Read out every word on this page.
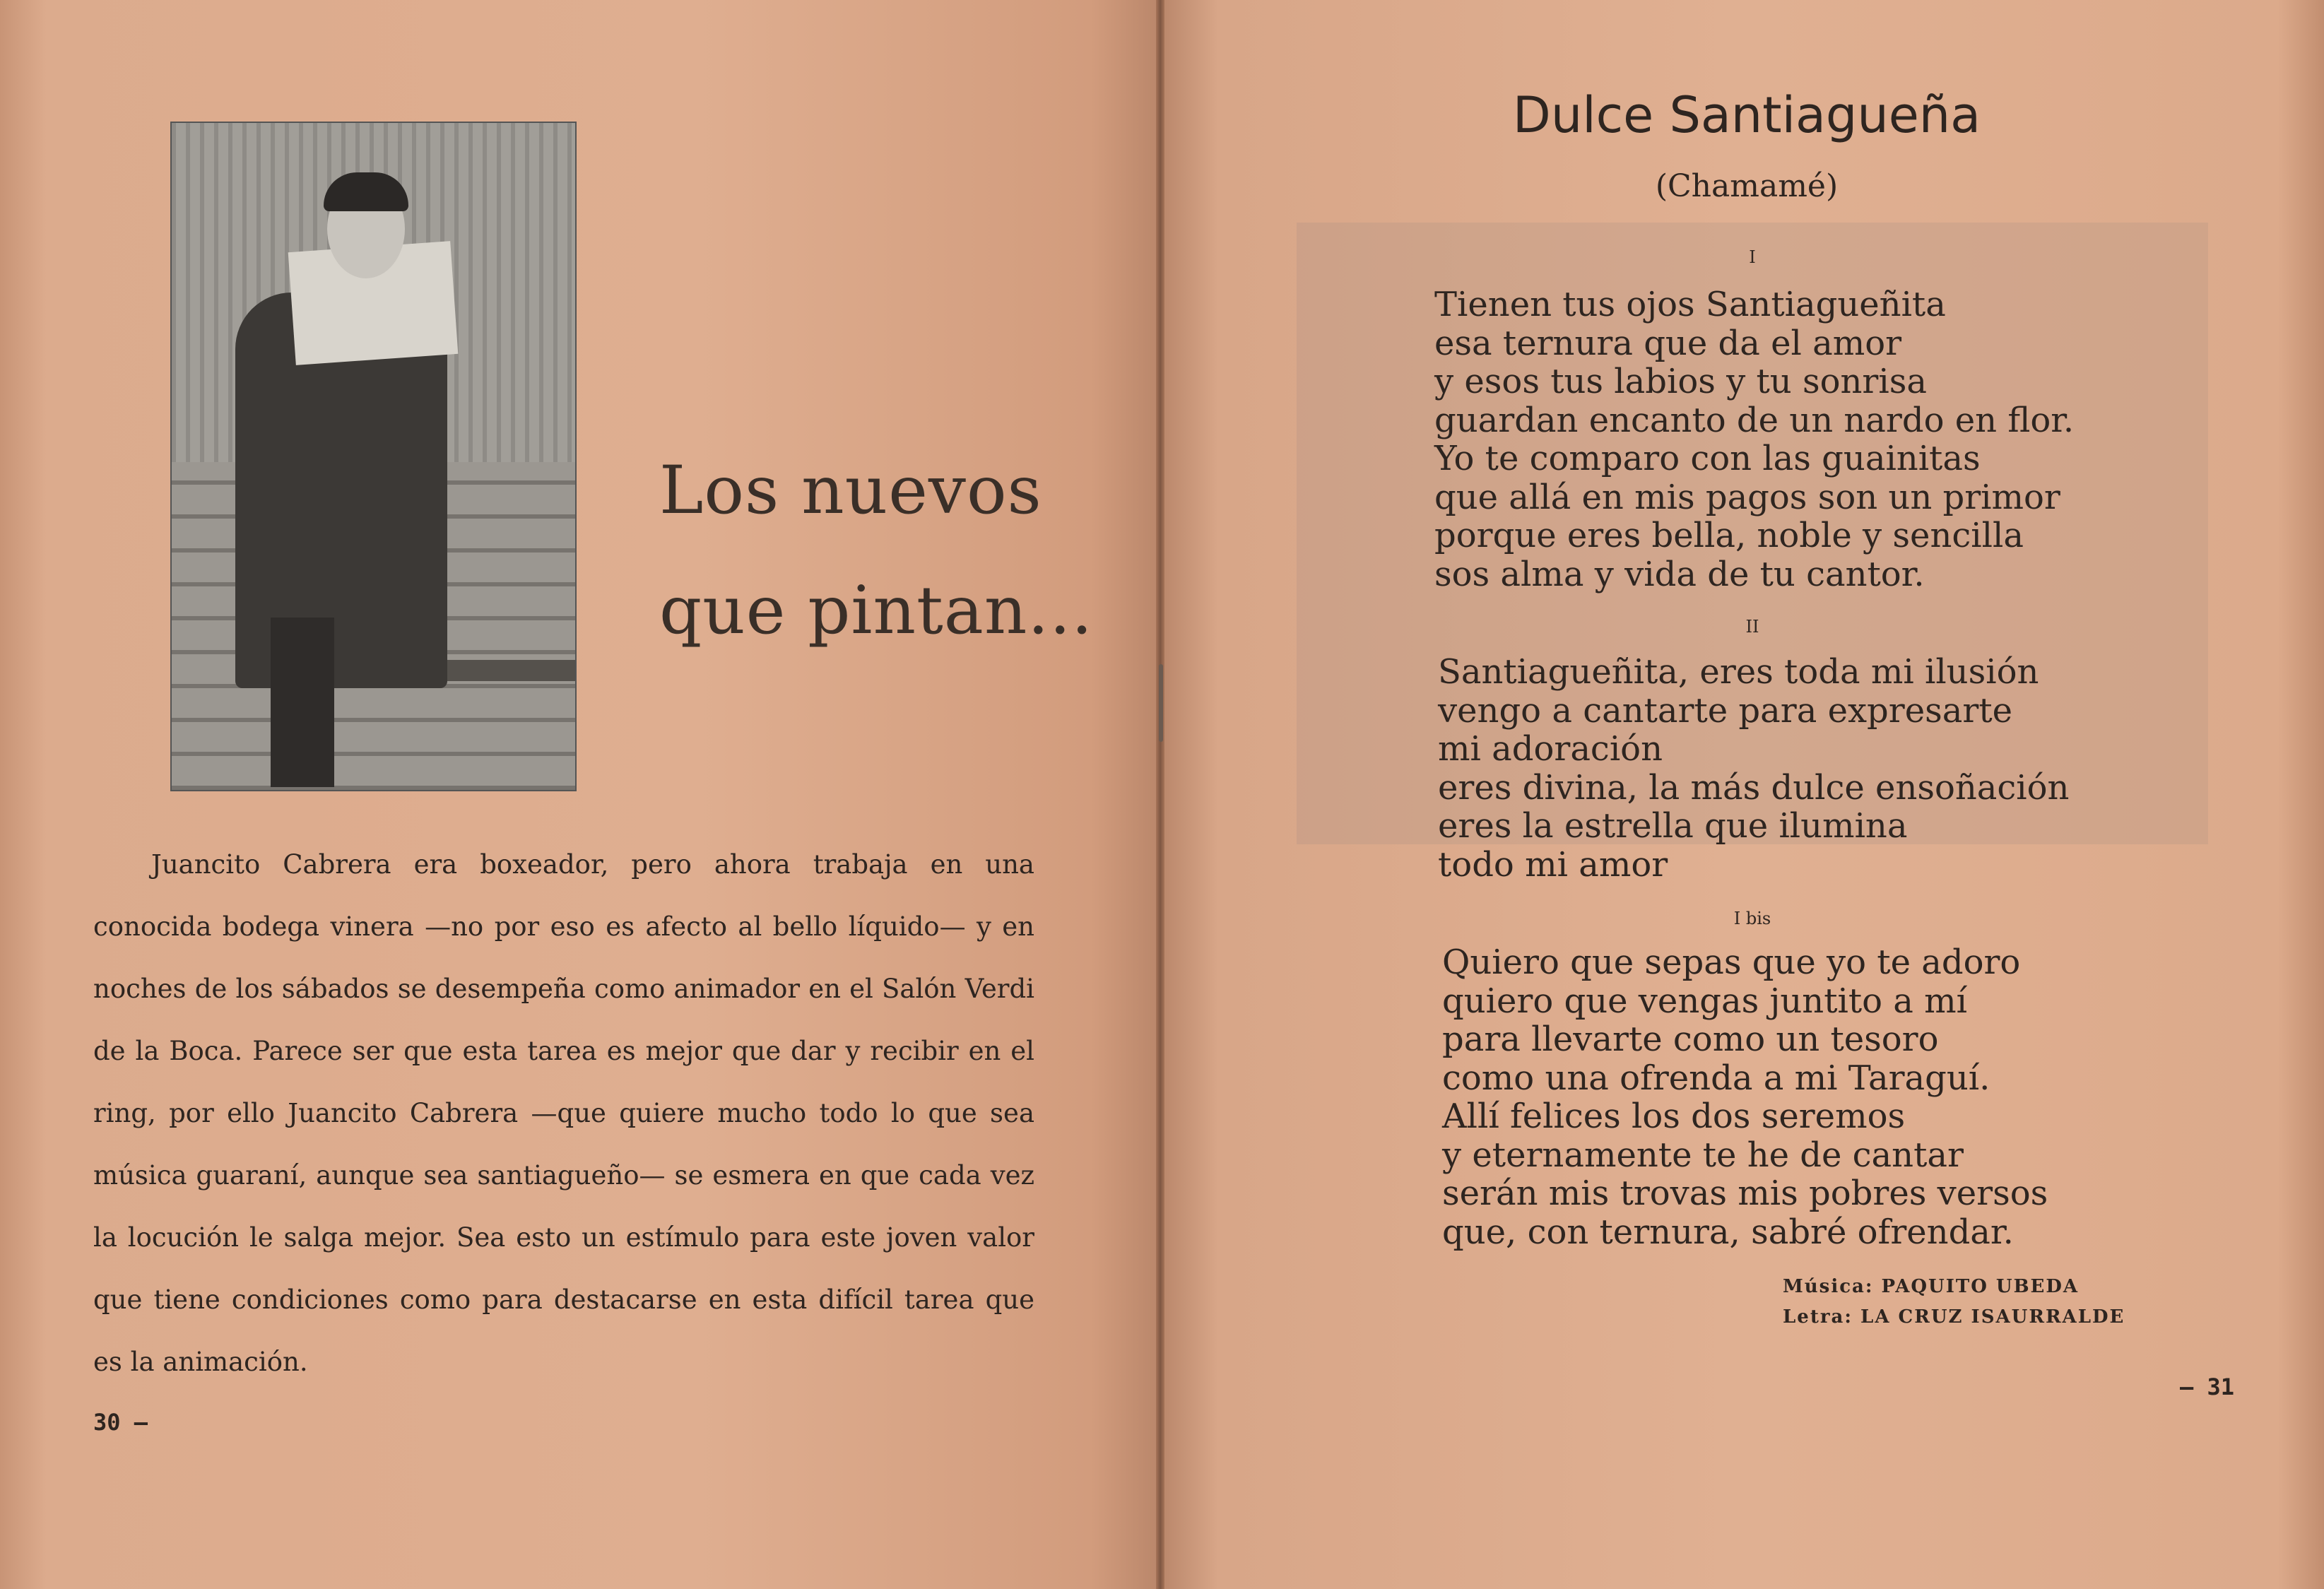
Los nuevos
que pintan...
Juancito Cabrera era boxeador, pero ahora trabaja en una conocida bodega vinera —no por eso es afecto al bello líquido— y en noches de los sábados se desempeña como animador en el Salón Verdi de la Boca. Parece ser que esta tarea es mejor que dar y recibir en el ring, por ello Juancito Cabrera —que quiere mucho todo lo que sea música guaraní, aunque sea santiagueño— se esmera en que cada vez la locución le salga mejor. Sea esto un estímulo para este joven valor que tiene condiciones como para destacarse en esta difícil tarea que es la animación.
30 —
Dulce Santiagueña
(Chamamé)
I
Tienen tus ojos Santiagueñita
esa ternura que da el amor
y esos tus labios y tu sonrisa
guardan encanto de un nardo en flor.
Yo te comparo con las guainitas
que allá en mis pagos son un primor
porque eres bella, noble y sencilla
sos alma y vida de tu cantor.
II
Santiagueñita, eres toda mi ilusión
vengo a cantarte para expresarte
mi adoración
eres divina, la más dulce ensoñación
eres la estrella que ilumina
todo mi amor
I bis
Quiero que sepas que yo te adoro
quiero que vengas juntito a mí
para llevarte como un tesoro
como una ofrenda a mi Taraguí.
Allí felices los dos seremos
y eternamente te he de cantar
serán mis trovas mis pobres versos
que, con ternura, sabré ofrendar.
Música: PAQUITO UBEDA
Letra: LA CRUZ ISAURRALDE
— 31
